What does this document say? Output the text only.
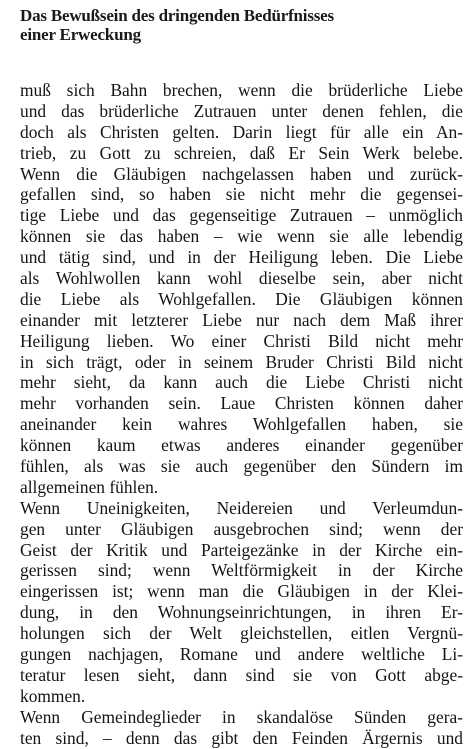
Das Bewußsein des dringenden Bedürfnisses
einer Erweckung
muß sich Bahn brechen, wenn die brüderliche Liebe
und das brüderliche Zutrauen unter denen fehlen, die
doch als Christen gelten. Darin liegt für alle ein An-
trieb, zu Gott zu schreien, daß Er Sein Werk belebe.
Wenn die Gläubigen nachgelassen haben und zurück-
gefallen sind, so haben sie nicht mehr die gegensei-
tige Liebe und das gegenseitige Zutrauen – unmöglich
können sie das haben – wie wenn sie alle lebendig
und tätig sind, und in der Heiligung leben. Die Liebe
als Wohlwollen kann wohl dieselbe sein, aber nicht
die Liebe als Wohlgefallen. Die Gläubigen können
einander mit letzterer Liebe nur nach dem Maß ihrer
Heiligung lieben. Wo einer Christi Bild nicht mehr
in sich trägt, oder in seinem Bruder Christi Bild nicht
mehr sieht, da kann auch die Liebe Christi nicht
mehr vorhanden sein. Laue Christen können daher
aneinander kein wahres Wohlgefallen haben, sie
können kaum etwas anderes einander gegenüber
fühlen, als was sie auch gegenüber den Sündern im
allgemeinen fühlen.
Wenn Uneinigkeiten, Neidereien und Verleumdun-
gen unter Gläubigen ausgebrochen sind; wenn der
Geist der Kritik und Parteigezänke in der Kirche ein-
gerissen sind; wenn Weltförmigkeit in der Kirche
eingerissen ist; wenn man die Gläubigen in der Klei-
dung, in den Wohnungseinrichtungen, in ihren Er-
holungen sich der Welt gleichstellen, eitlen Vergnü-
gungen nachjagen, Romane und andere weltliche Li-
teratur lesen sieht, dann sind sie von Gott abge-
kommen.
Wenn Gemeindeglieder in skandalöse Sünden gera-
ten sind, – denn das gibt den Feinden Ärgernis und
